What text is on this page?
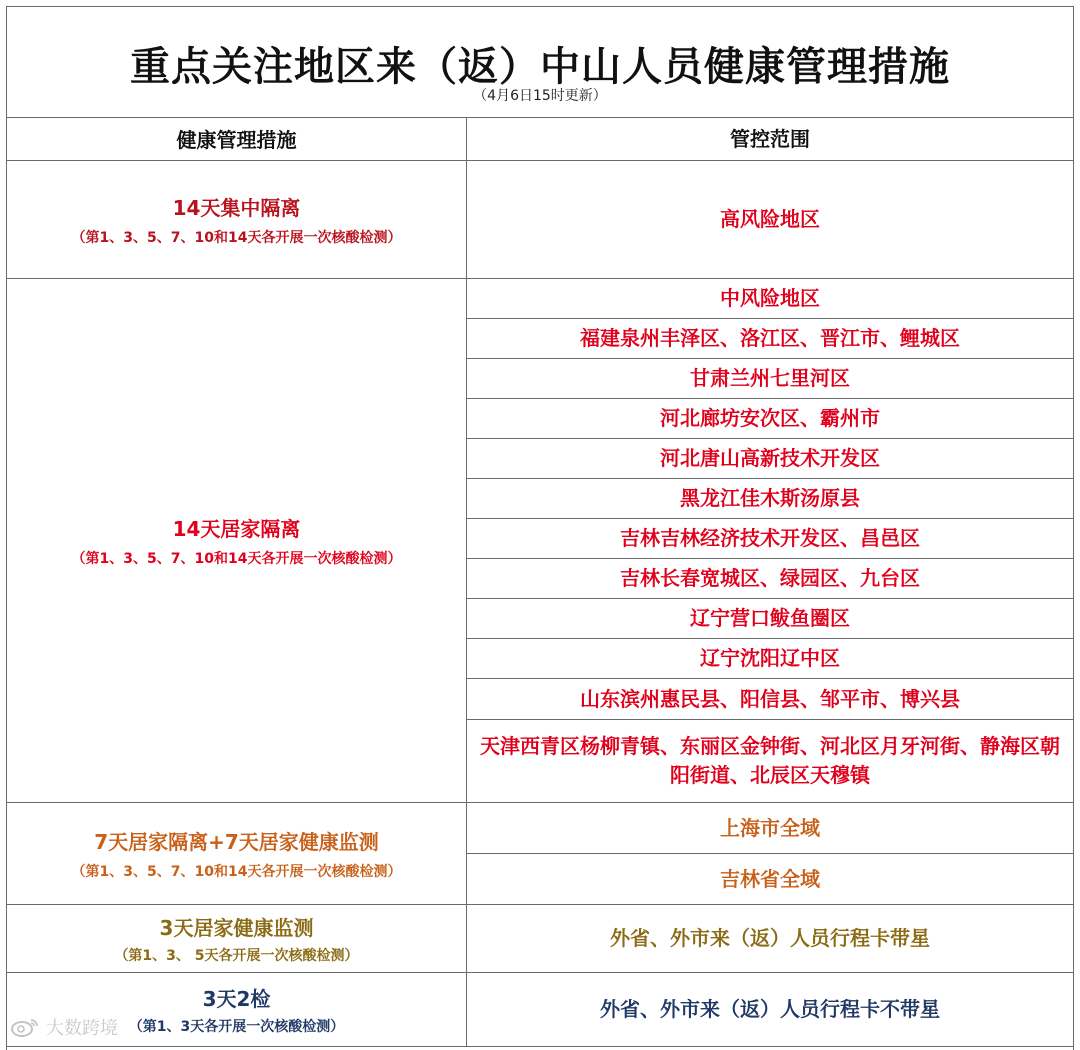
重点关注地区来（返）中山人员健康管理措施
（4月6日15时更新）
健康管理措施	管控范围
14天集中隔离
（第1、3、5、7、10和14天各开展一次核酸检测）
高风险地区
14天居家隔离
（第1、3、5、7、10和14天各开展一次核酸检测）
中风险地区
福建泉州丰泽区、洛江区、晋江市、鲤城区
甘肃兰州七里河区
河北廊坊安次区、霸州市
河北唐山高新技术开发区
黑龙江佳木斯汤原县
吉林吉林经济技术开发区、昌邑区
吉林长春宽城区、绿园区、九台区
辽宁营口鲅鱼圈区
辽宁沈阳辽中区
山东滨州惠民县、阳信县、邹平市、博兴县
天津西青区杨柳青镇、东丽区金钟街、河北区月牙河街、静海区朝阳街道、北辰区天穆镇
7天居家隔离+7天居家健康监测
（第1、3、5、7、10和14天各开展一次核酸检测）
上海市全域
吉林省全域
3天居家健康监测
（第1、3、 5天各开展一次核酸检测）
外省、外市来（返）人员行程卡带星
3天2检
（第1、3天各开展一次核酸检测）
外省、外市来（返）人员行程卡不带星
大数跨境
